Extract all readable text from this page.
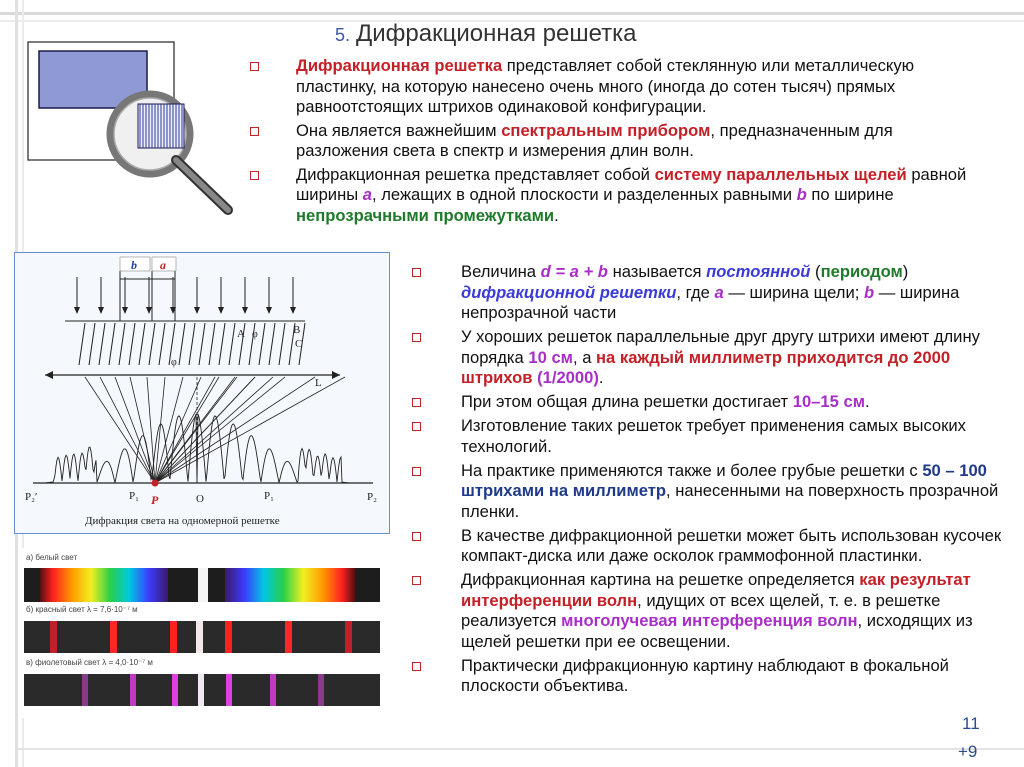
5. Дифракционная решетка
Дифракционная решетка представляет собой стеклянную или металлическую пластинку, на которую нанесено очень много (иногда до сотен тысяч) прямых равноотстоящих штрихов одинаковой конфигурации.
Она является важнейшим спектральным прибором, предназначенным для разложения света в спектр и измерения длин волн.
Дифракционная решетка представляет собой систему параллельных щелей равной ширины a, лежащих в одной плоскости и разделенных равными b по ширине непрозрачными промежутками.
Величина d = a + b называется постоянной (периодом) дифракционной решетки, где a — ширина щели; b — ширина непрозрачной части
У хороших решеток параллельные друг другу штрихи имеют длину порядка 10 см, а на каждый миллиметр приходится до 2000 штрихов (1/2000).
При этом общая длина решетки достигает 10–15 см.
Изготовление таких решеток требует применения самых высоких технологий.
На практике применяются также и более грубые решетки с 50 – 100 штрихами на миллиметр, нанесенными на поверхность прозрачной пленки.
В качестве дифракционной решетки может быть использован кусочек компакт-диска или даже осколок граммофонной пластинки.
Дифракционная картина на решетке определяется как результат интерференции волн, идущих от всех щелей, т. е. в решетке реализуется многолучевая интерференция волн, исходящих из щелей решетки при ее освещении.
Практически дифракционную картину наблюдают в фокальной плоскости объектива.
b a
A φ	B
C
φ
L
P₂′	P₁ P	O	P₁	P₂
Дифракция света на одномерной решетке
а) белый свет
б) красный свет λ = 7,6·10⁻⁷ м
в) фиолетовый свет λ = 4,0·10⁻⁷ м
11
+9
